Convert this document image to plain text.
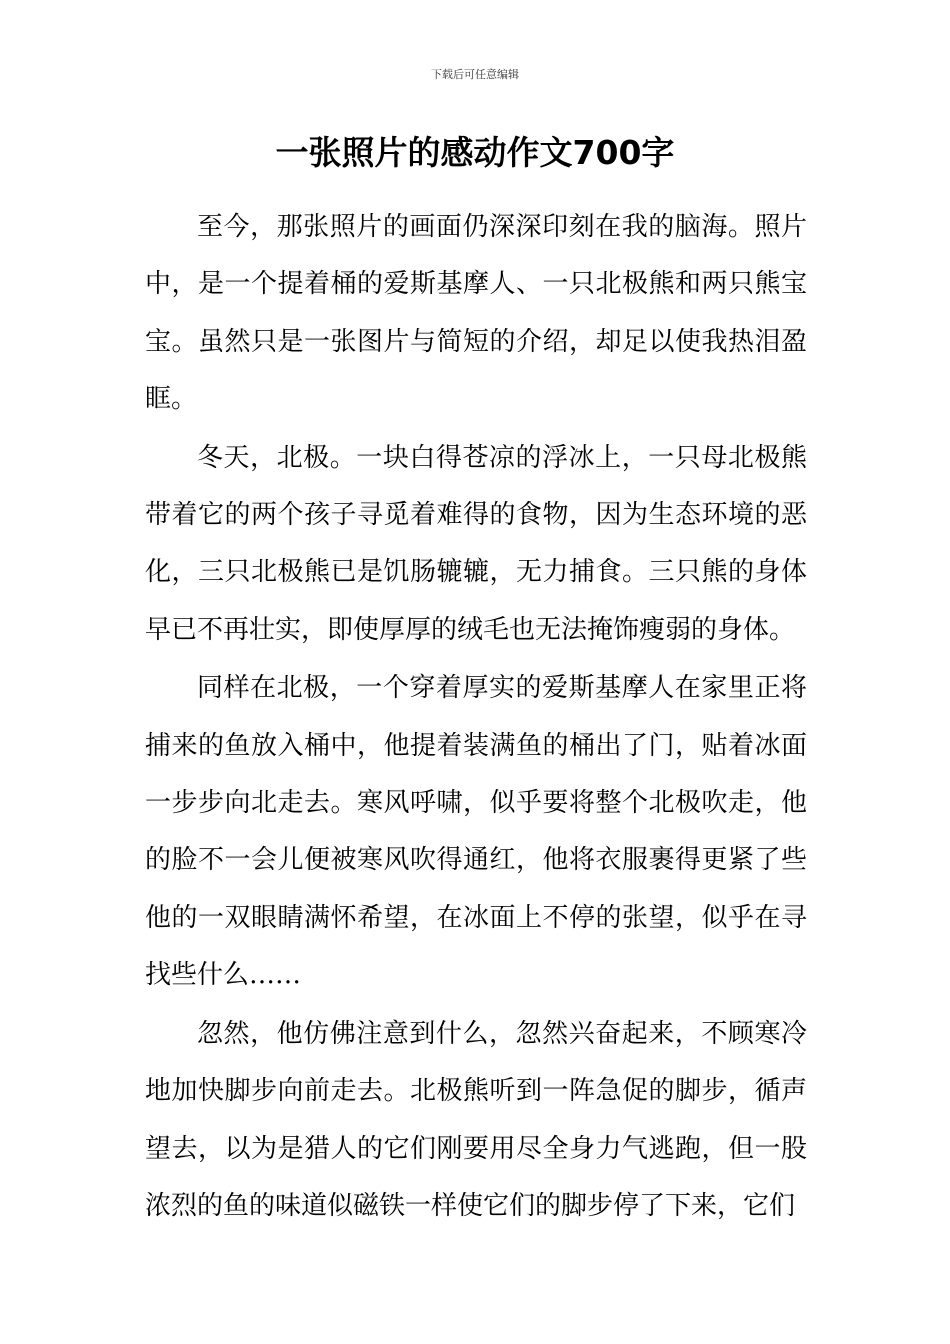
下载后可任意编辑
一张照片的感动作文700字

至今，那张照片的画面仍深深印刻在我的脑海。照片中，是一个提着桶的爱斯基摩人、一只北极熊和两只熊宝宝。虽然只是一张图片与简短的介绍，却足以使我热泪盈眶。

冬天，北极。一块白得苍凉的浮冰上，一只母北极熊带着它的两个孩子寻觅着难得的食物，因为生态环境的恶化，三只北极熊已是饥肠辘辘，无力捕食。三只熊的身体早已不再壮实，即使厚厚的绒毛也无法掩饰瘦弱的身体。

同样在北极，一个穿着厚实的爱斯基摩人在家里正将捕来的鱼放入桶中，他提着装满鱼的桶出了门，贴着冰面一步步向北走去。寒风呼啸，似乎要将整个北极吹走，他的脸不一会儿便被寒风吹得通红，他将衣服裹得更紧了些他的一双眼睛满怀希望，在冰面上不停的张望，似乎在寻找些什么……

忽然，他仿佛注意到什么，忽然兴奋起来，不顾寒冷地加快脚步向前走去。北极熊听到一阵急促的脚步，循声望去，以为是猎人的它们刚要用尽全身力气逃跑，但一股浓烈的鱼的味道似磁铁一样使它们的脚步停了下来，它们
